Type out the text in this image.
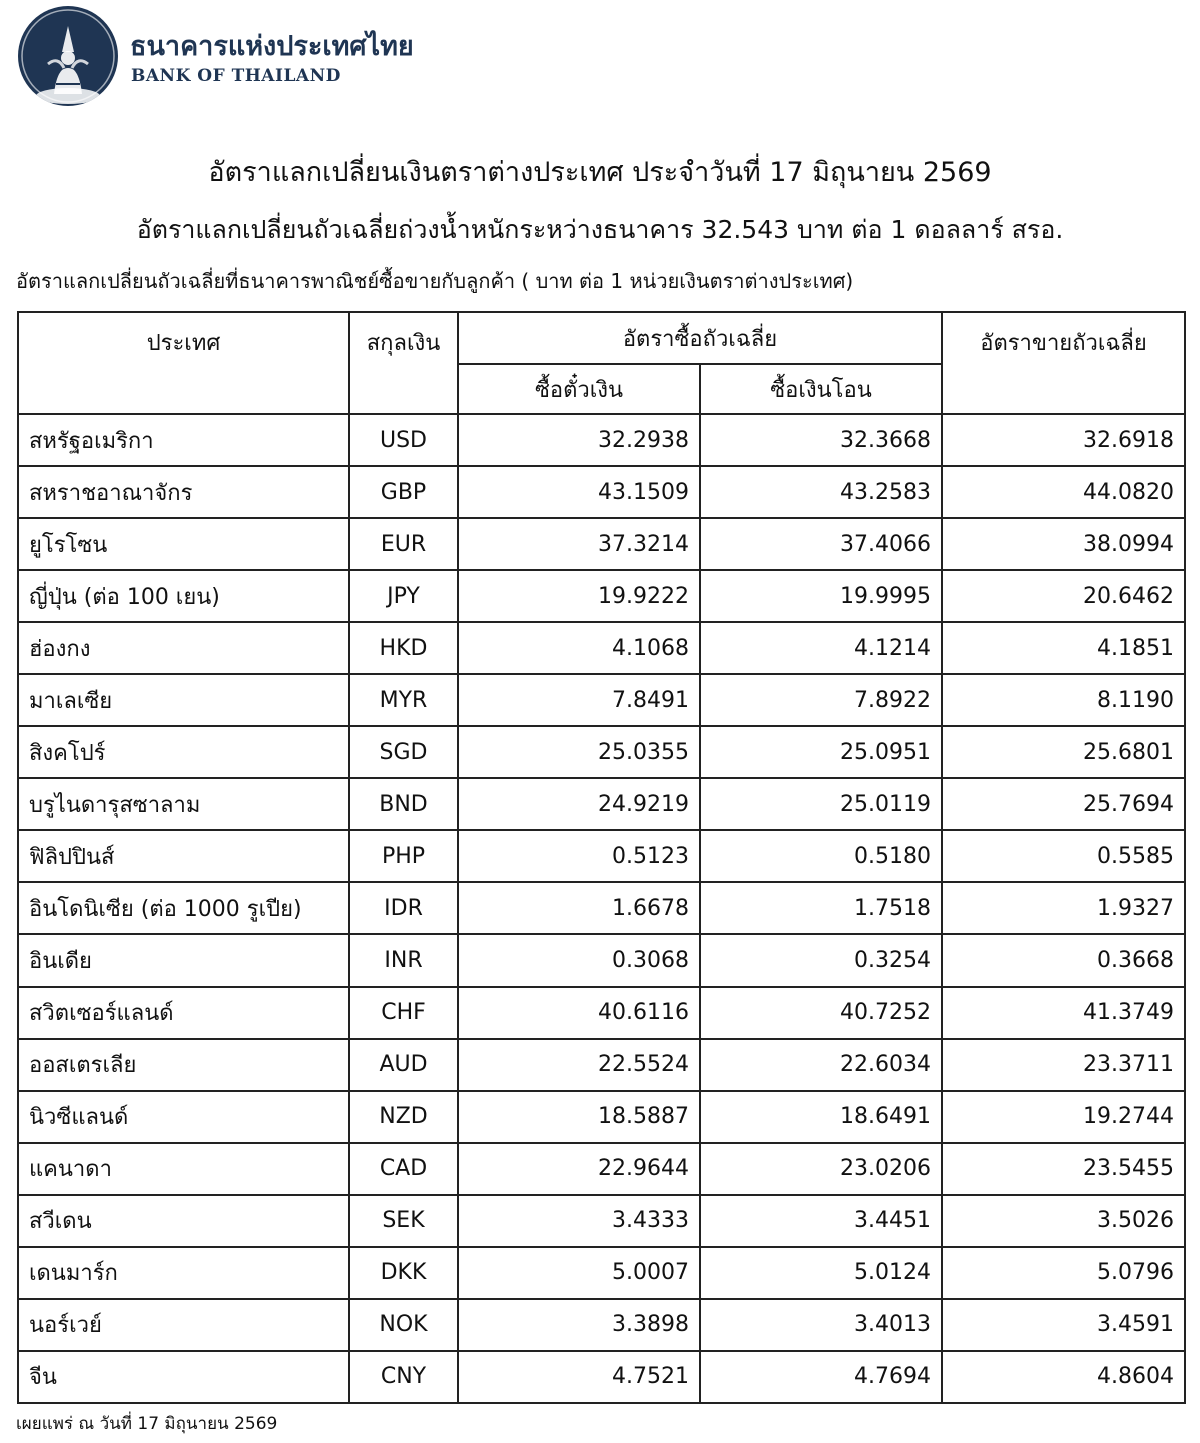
ธนาคารแห่งประเทศไทย
BANK OF THAILAND
อัตราแลกเปลี่ยนเงินตราต่างประเทศ ประจำวันที่ 17 มิถุนายน 2569
อัตราแลกเปลี่ยนถัวเฉลี่ยถ่วงน้ำหนักระหว่างธนาคาร 32.543 บาท ต่อ 1 ดอลลาร์ สรอ.
อัตราแลกเปลี่ยนถัวเฉลี่ยที่ธนาคารพาณิชย์ซื้อขายกับลูกค้า ( บาท ต่อ 1 หน่วยเงินตราต่างประเทศ)
ประเทศ	สกุลเงิน	อัตราซื้อถัวเฉลี่ย		อัตราขายถัวเฉลี่ย
		ซื้อตั๋วเงิน	ซื้อเงินโอน	
สหรัฐอเมริกา	USD	32.2938	32.3668	32.6918
สหราชอาณาจักร	GBP	43.1509	43.2583	44.0820
ยูโรโซน	EUR	37.3214	37.4066	38.0994
ญี่ปุ่น (ต่อ 100 เยน)	JPY	19.9222	19.9995	20.6462
ฮ่องกง	HKD	4.1068	4.1214	4.1851
มาเลเซีย	MYR	7.8491	7.8922	8.1190
สิงคโปร์	SGD	25.0355	25.0951	25.6801
บรูไนดารุสซาลาม	BND	24.9219	25.0119	25.7694
ฟิลิปปินส์	PHP	0.5123	0.5180	0.5585
อินโดนิเซีย (ต่อ 1000 รูเปีย)	IDR	1.6678	1.7518	1.9327
อินเดีย	INR	0.3068	0.3254	0.3668
สวิตเซอร์แลนด์	CHF	40.6116	40.7252	41.3749
ออสเตรเลีย	AUD	22.5524	22.6034	23.3711
นิวซีแลนด์	NZD	18.5887	18.6491	19.2744
แคนาดา	CAD	22.9644	23.0206	23.5455
สวีเดน	SEK	3.4333	3.4451	3.5026
เดนมาร์ก	DKK	5.0007	5.0124	5.0796
นอร์เวย์	NOK	3.3898	3.4013	3.4591
จีน	CNY	4.7521	4.7694	4.8604
เผยแพร่ ณ วันที่ 17 มิถุนายน 2569
